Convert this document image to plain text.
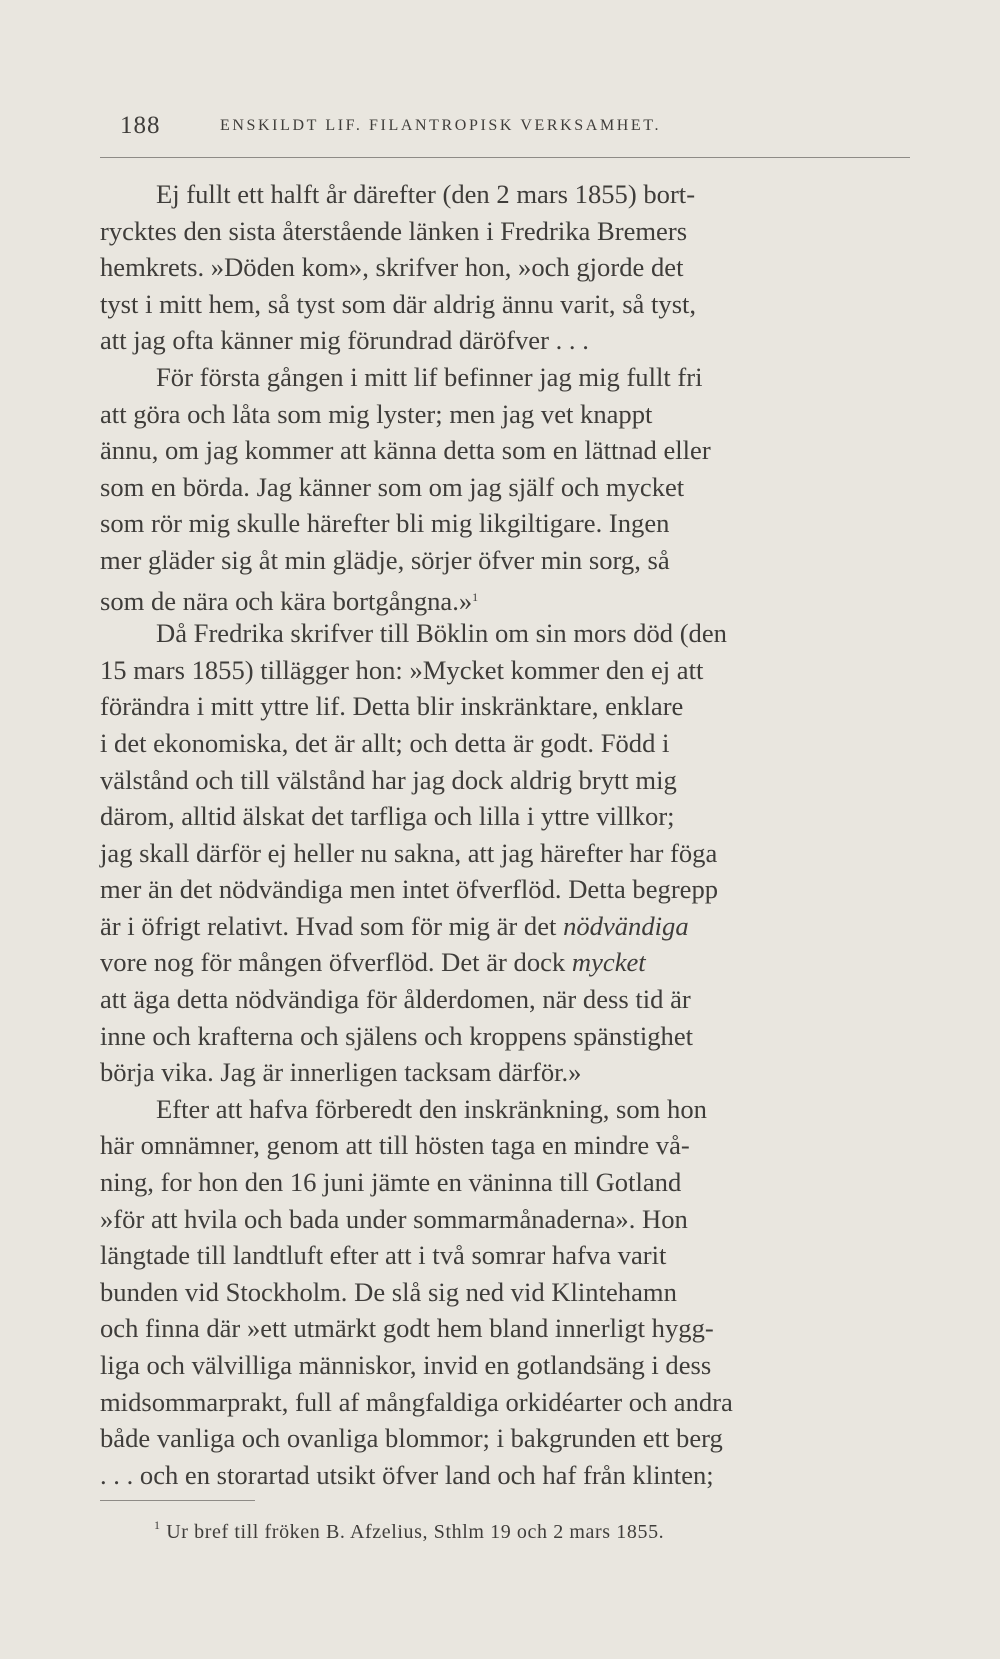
188	ENSKILDT LIF. FILANTROPISK VERKSAMHET.
Ej fullt ett halft år därefter (den 2 mars 1855) bort-
rycktes den sista återstående länken i Fredrika Bremers
hemkrets. »Döden kom», skrifver hon, »och gjorde det
tyst i mitt hem, så tyst som där aldrig ännu varit, så tyst,
att jag ofta känner mig förundrad däröfver . . .
För första gången i mitt lif befinner jag mig fullt fri
att göra och låta som mig lyster; men jag vet knappt
ännu, om jag kommer att känna detta som en lättnad eller
som en börda. Jag känner som om jag själf och mycket
som rör mig skulle härefter bli mig likgiltigare. Ingen
mer gläder sig åt min glädje, sörjer öfver min sorg, så
som de nära och kära bortgångna.»$^1$
Då Fredrika skrifver till Böklin om sin mors död (den
15 mars 1855) tillägger hon: »Mycket kommer den ej att
förändra i mitt yttre lif. Detta blir inskränktare, enklare
i det ekonomiska, det är allt; och detta är godt. Född i
välstånd och till välstånd har jag dock aldrig brytt mig
därom, alltid älskat det tarfliga och lilla i yttre villkor;
jag skall därför ej heller nu sakna, att jag härefter har föga
mer än det nödvändiga men intet öfverflöd. Detta begrepp
är i öfrigt relativt. Hvad som för mig är det nödvändiga
vore nog för mången öfverflöd. Det är dock mycket
att äga detta nödvändiga för ålderdomen, när dess tid är
inne och krafterna och själens och kroppens spänstighet
börja vika. Jag är innerligen tacksam därför.»
Efter att hafva förberedt den inskränkning, som hon
här omnämner, genom att till hösten taga en mindre vå-
ning, for hon den 16 juni jämte en väninna till Gotland
»för att hvila och bada under sommarmånaderna». Hon
längtade till landtluft efter att i två somrar hafva varit
bunden vid Stockholm. De slå sig ned vid Klintehamn
och finna där »ett utmärkt godt hem bland innerligt hygg-
liga och välvilliga människor, invid en gotlandsäng i dess
midsommarprakt, full af mångfaldiga orkidéarter och andra
både vanliga och ovanliga blommor; i bakgrunden ett berg
. . . och en storartad utsikt öfver land och haf från klinten;
$^1$ Ur bref till fröken B. Afzelius, Sthlm 19 och 2 mars 1855.
